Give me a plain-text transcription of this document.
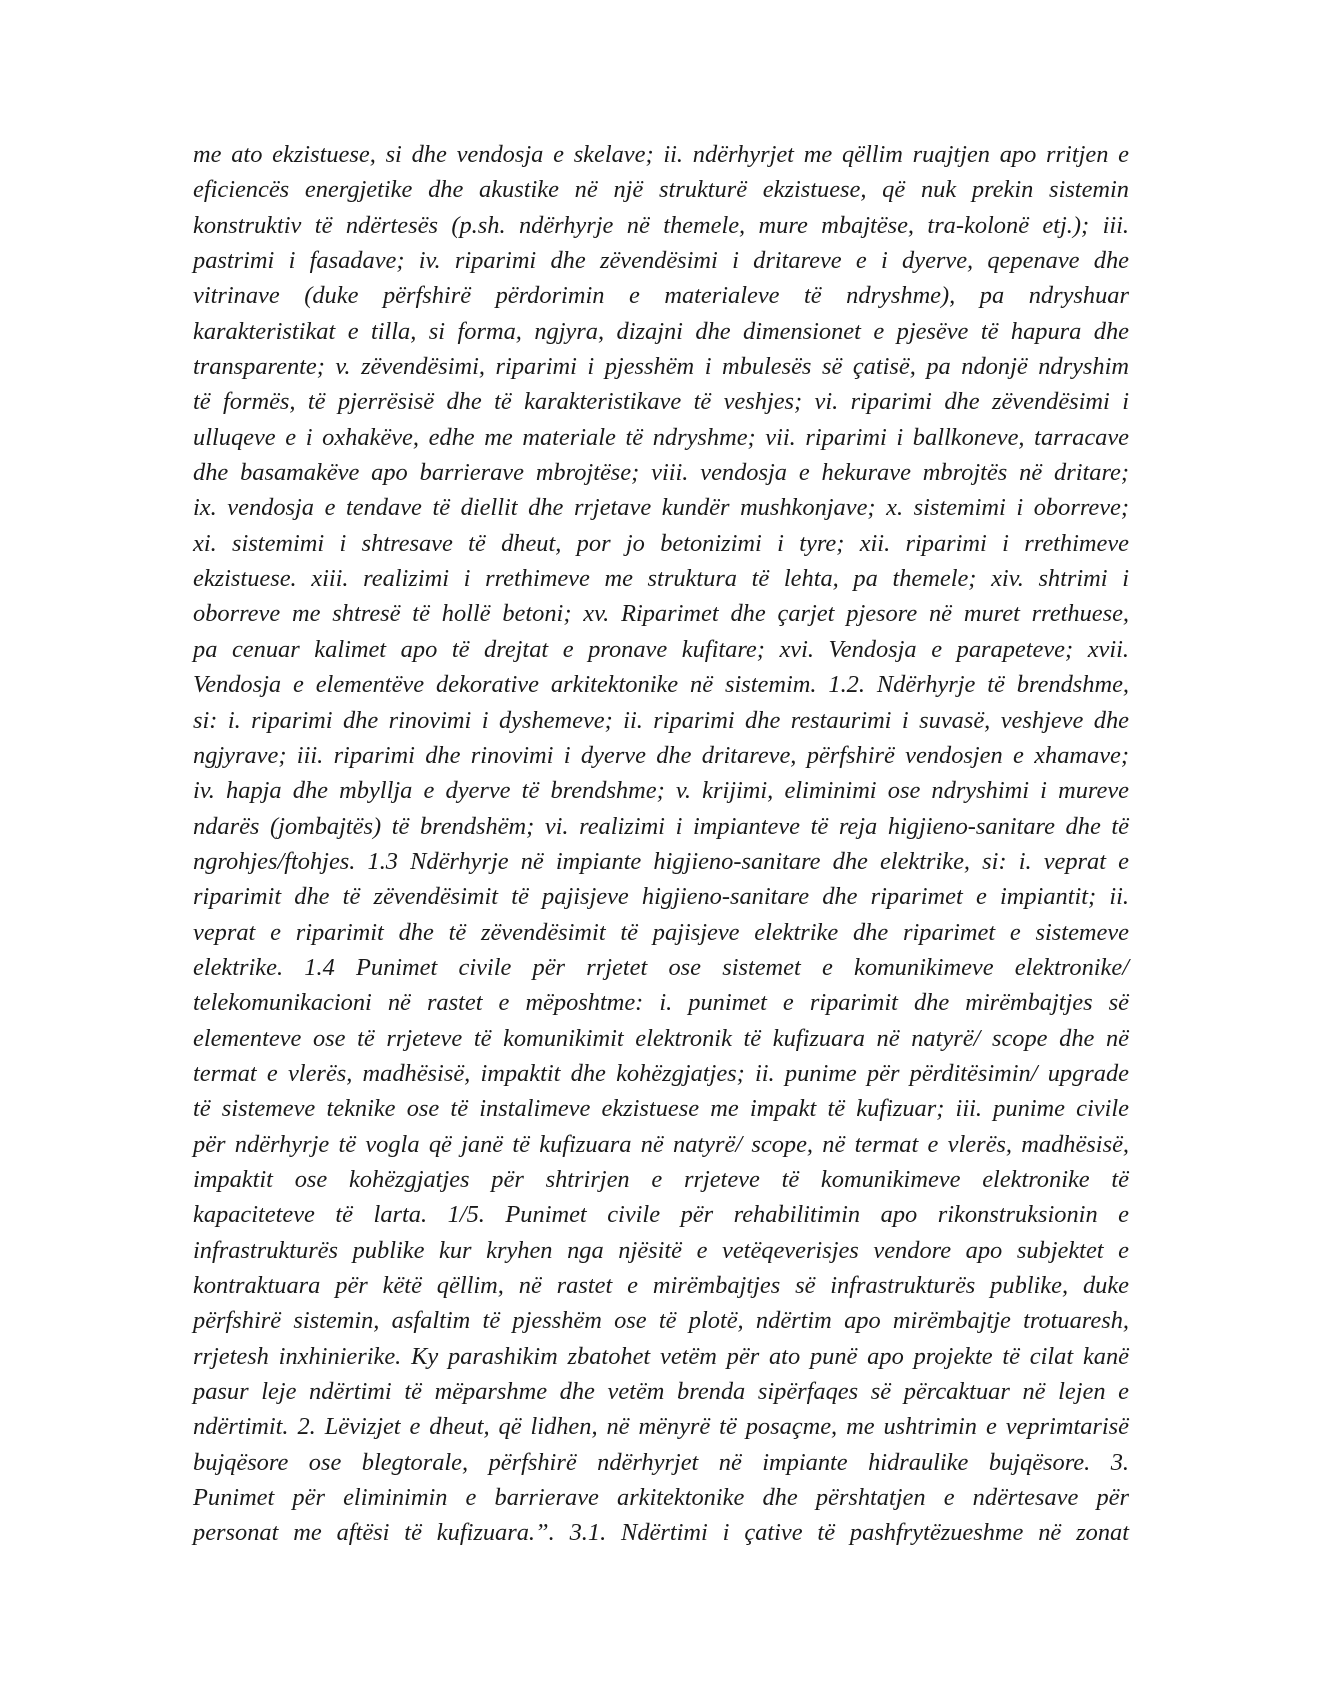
me ato ekzistuese, si dhe vendosja e skelave; ii. ndërhyrjet me qëllim ruajtjen apo rritjen e
eficiencës energjetike dhe akustike në një strukturë ekzistuese, që nuk prekin sistemin
konstruktiv të ndërtesës (p.sh. ndërhyrje në themele, mure mbajtëse, tra-kolonë etj.); iii.
pastrimi i fasadave; iv. riparimi dhe zëvendësimi i dritareve e i dyerve, qepenave dhe
vitrinave (duke përfshirë përdorimin e materialeve të ndryshme), pa ndryshuar
karakteristikat e tilla, si forma, ngjyra, dizajni dhe dimensionet e pjesëve të hapura dhe
transparente; v. zëvendësimi, riparimi i pjesshëm i mbulesës së çatisë, pa ndonjë ndryshim
të formës, të pjerrësisë dhe të karakteristikave të veshjes; vi. riparimi dhe zëvendësimi i
ulluqeve e i oxhakëve, edhe me materiale të ndryshme; vii. riparimi i ballkoneve, tarracave
dhe basamakëve apo barrierave mbrojtëse; viii. vendosja e hekurave mbrojtës në dritare;
ix. vendosja e tendave të diellit dhe rrjetave kundër mushkonjave; x. sistemimi i oborreve;
xi. sistemimi i shtresave të dheut, por jo betonizimi i tyre; xii. riparimi i rrethimeve
ekzistuese. xiii. realizimi i rrethimeve me struktura të lehta, pa themele; xiv. shtrimi i
oborreve me shtresë të hollë betoni; xv. Riparimet dhe çarjet pjesore në muret rrethuese,
pa cenuar kalimet apo të drejtat e pronave kufitare; xvi. Vendosja e parapeteve; xvii.
Vendosja e elementëve dekorative arkitektonike në sistemim. 1.2. Ndërhyrje të brendshme,
si: i. riparimi dhe rinovimi i dyshemeve; ii. riparimi dhe restaurimi i suvasë, veshjeve dhe
ngjyrave; iii. riparimi dhe rinovimi i dyerve dhe dritareve, përfshirë vendosjen e xhamave;
iv. hapja dhe mbyllja e dyerve të brendshme; v. krijimi, eliminimi ose ndryshimi i mureve
ndarës (jombajtës) të brendshëm; vi. realizimi i impianteve të reja higjieno-sanitare dhe të
ngrohjes/ftohjes. 1.3 Ndërhyrje në impiante higjieno-sanitare dhe elektrike, si: i. veprat e
riparimit dhe të zëvendësimit të pajisjeve higjieno-sanitare dhe riparimet e impiantit; ii.
veprat e riparimit dhe të zëvendësimit të pajisjeve elektrike dhe riparimet e sistemeve
elektrike. 1.4 Punimet civile për rrjetet ose sistemet e komunikimeve elektronike/
telekomunikacioni në rastet e mëposhtme: i. punimet e riparimit dhe mirëmbajtjes së
elementeve ose të rrjeteve të komunikimit elektronik të kufizuara në natyrë/ scope dhe në
termat e vlerës, madhësisë, impaktit dhe kohëzgjatjes; ii. punime për përditësimin/ upgrade
të sistemeve teknike ose të instalimeve ekzistuese me impakt të kufizuar; iii. punime civile
për ndërhyrje të vogla që janë të kufizuara në natyrë/ scope, në termat e vlerës, madhësisë,
impaktit ose kohëzgjatjes për shtrirjen e rrjeteve të komunikimeve elektronike të
kapaciteteve të larta. 1/5. Punimet civile për rehabilitimin apo rikonstruksionin e
infrastrukturës publike kur kryhen nga njësitë e vetëqeverisjes vendore apo subjektet e
kontraktuara për këtë qëllim, në rastet e mirëmbajtjes së infrastrukturës publike, duke
përfshirë sistemin, asfaltim të pjesshëm ose të plotë, ndërtim apo mirëmbajtje trotuaresh,
rrjetesh inxhinierike. Ky parashikim zbatohet vetëm për ato punë apo projekte të cilat kanë
pasur leje ndërtimi të mëparshme dhe vetëm brenda sipërfaqes së përcaktuar në lejen e
ndërtimit. 2. Lëvizjet e dheut, që lidhen, në mënyrë të posaçme, me ushtrimin e veprimtarisë
bujqësore ose blegtorale, përfshirë ndërhyrjet në impiante hidraulike bujqësore. 3.
Punimet për eliminimin e barrierave arkitektonike dhe përshtatjen e ndërtesave për
personat me aftësi të kufizuara.”. 3.1. Ndërtimi i çative të pashfrytëzueshme në zonat
